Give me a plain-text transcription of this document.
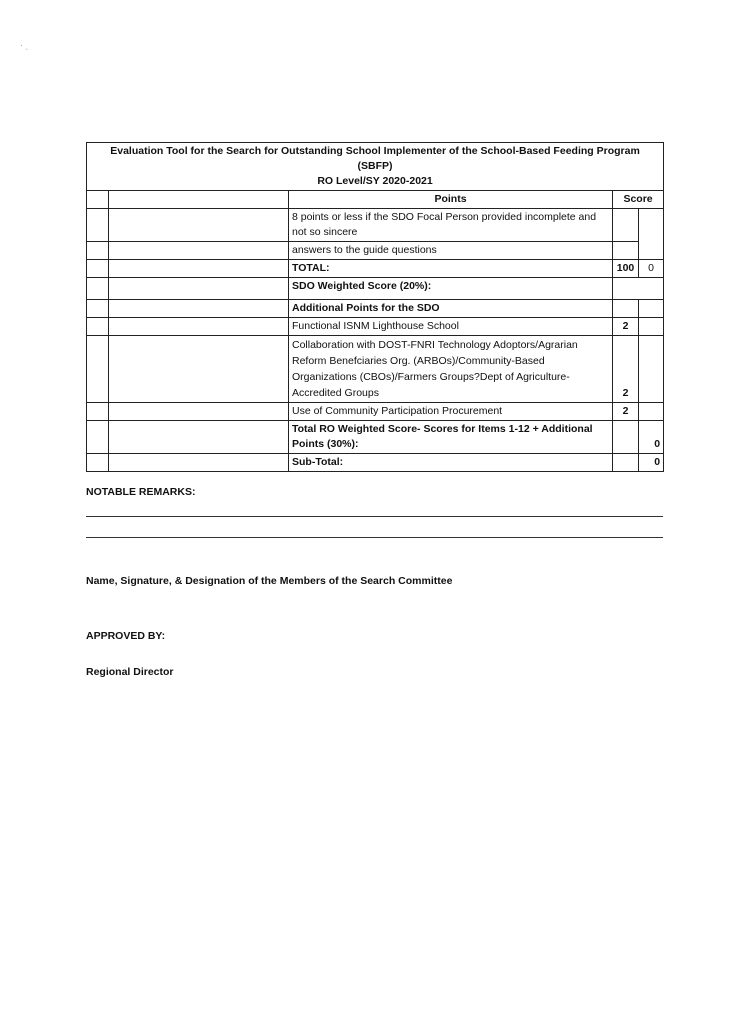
· ˎ
Evaluation Tool for the Search for Outstanding School Implementer of the School-Based Feeding Program
(SBFP)
RO Level/SY 2020-2021				

		Points	Score	
		8 points or less if the SDO Focal Person provided incomplete and not so sincere		
		answers to the guide questions		
		TOTAL:	100	0
		SDO Weighted Score (20%):		
		Additional Points for the SDO		
		Functional ISNM Lighthouse School	2	
		Collaboration with DOST-FNRI Technology Adoptors/Agrarian Reform Benefciaries Org. (ARBOs)/Community-Based Organizations (CBOs)/Farmers Groups?Dept of Agriculture-Accredited Groups	2	
		Use of Community Participation Procurement	2	
		Total RO Weighted Score- Scores for Items 1-12 + Additional Points (30%):		0
		Sub-Total:		0
NOTABLE REMARKS:
Name, Signature, & Designation of the Members of the Search Committee
APPROVED BY:
Regional Director
